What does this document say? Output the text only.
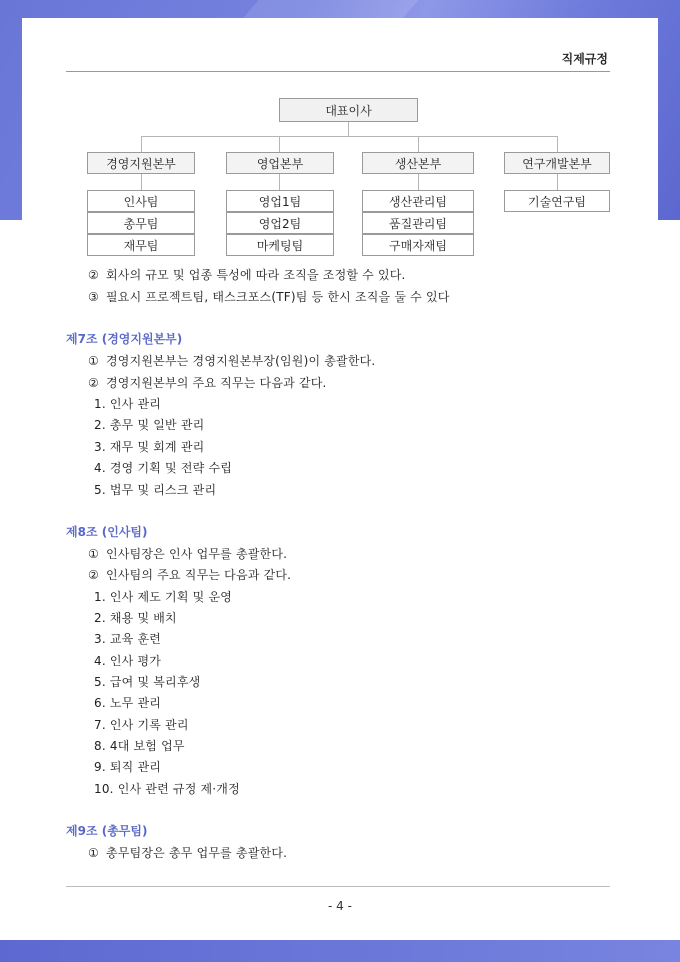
직제규정
대표이사
경영지원본부	영업본부	생산본부	연구개발본부
인사팀
총무팀
재무팀
영업1팀
영업2팀
마케팅팀
생산관리팀
품질관리팀
구매자재팀
기술연구팀
② 회사의 규모 및 업종 특성에 따라 조직을 조정할 수 있다.
③ 필요시 프로젝트팀, 태스크포스(TF)팀 등 한시 조직을 둘 수 있다
제7조 (경영지원본부)
① 경영지원본부는 경영지원본부장(임원)이 총괄한다.
② 경영지원본부의 주요 직무는 다음과 같다.
1. 인사 관리
2. 총무 및 일반 관리
3. 재무 및 회계 관리
4. 경영 기획 및 전략 수립
5. 법무 및 리스크 관리
제8조 (인사팀)
① 인사팀장은 인사 업무를 총괄한다.
② 인사팀의 주요 직무는 다음과 같다.
1. 인사 제도 기획 및 운영
2. 채용 및 배치
3. 교육 훈련
4. 인사 평가
5. 급여 및 복리후생
6. 노무 관리
7. 인사 기록 관리
8. 4대 보험 업무
9. 퇴직 관리
10. 인사 관련 규정 제·개정
제9조 (총무팀)
① 총무팀장은 총무 업무를 총괄한다.
- 4 -
